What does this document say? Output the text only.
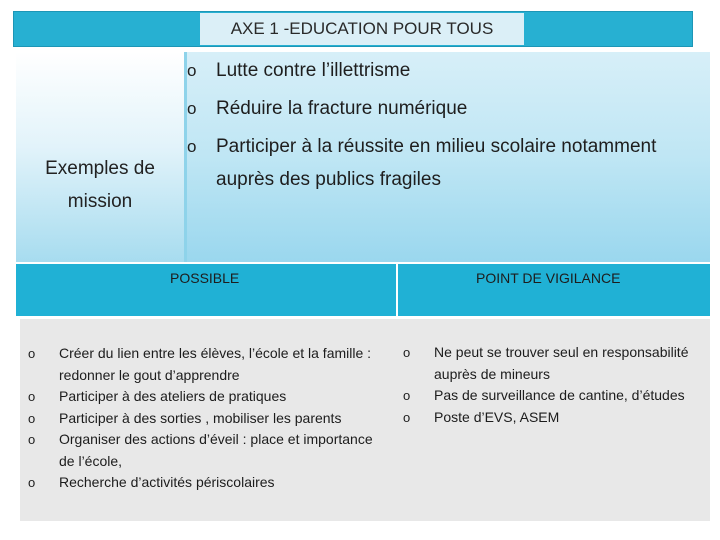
AXE 1 -EDUCATION POUR TOUS
Exemples de mission
o Lutte contre l’illettrisme
o Réduire la fracture numérique
o Participer à la réussite en milieu scolaire notamment auprès des publics fragiles
POSSIBLE	POINT DE VIGILANCE
o Créer du lien entre les élèves, l’école et la famille : redonner le gout d’apprendre
o Participer à des ateliers de pratiques
o Participer à des sorties , mobiliser les parents
o Organiser des actions d’éveil : place et importance de l’école,
o Recherche d’activités périscolaires
o Ne peut se trouver seul en responsabilité auprès de mineurs
o Pas de surveillance de cantine, d’études
o Poste d’EVS, ASEM
